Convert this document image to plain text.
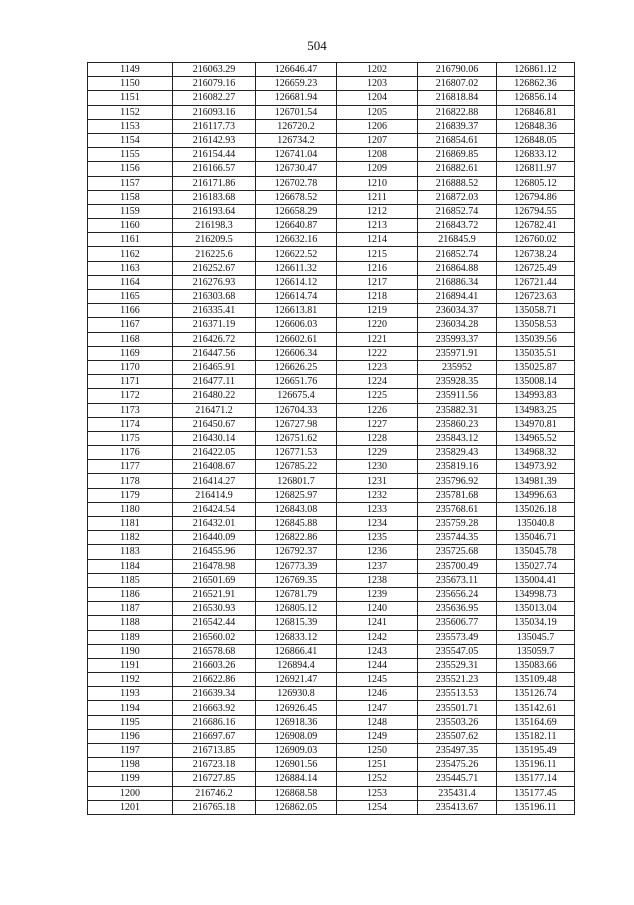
504
1149	216063.29	126646.47	1202	216790.06	126861.12
1150	216079.16	126659.23	1203	216807.02	126862.36
1151	216082.27	126681.94	1204	216818.84	126856.14
1152	216093.16	126701.54	1205	216822.88	126846.81
1153	216117.73	126720.2	1206	216839.37	126848.36
1154	216142.93	126734.2	1207	216854.61	126848.05
1155	216154.44	126741.04	1208	216869.85	126833.12
1156	216166.57	126730.47	1209	216882.61	126811.97
1157	216171.86	126702.78	1210	216888.52	126805.12
1158	216183.68	126678.52	1211	216872.03	126794.86
1159	216193.64	126658.29	1212	216852.74	126794.55
1160	216198.3	126640.87	1213	216843.72	126782.41
1161	216209.5	126632.16	1214	216845.9	126760.02
1162	216225.6	126622.52	1215	216852.74	126738.24
1163	216252.67	126611.32	1216	216864.88	126725.49
1164	216276.93	126614.12	1217	216886.34	126721.44
1165	216303.68	126614.74	1218	216894.41	126723.63
1166	216335.41	126613.81	1219	236034.37	135058.71
1167	216371.19	126606.03	1220	236034.28	135058.53
1168	216426.72	126602.61	1221	235993.37	135039.56
1169	216447.56	126606.34	1222	235971.91	135035.51
1170	216465.91	126626.25	1223	235952	135025.87
1171	216477.11	126651.76	1224	235928.35	135008.14
1172	216480.22	126675.4	1225	235911.56	134993.83
1173	216471.2	126704.33	1226	235882.31	134983.25
1174	216450.67	126727.98	1227	235860.23	134970.81
1175	216430.14	126751.62	1228	235843.12	134965.52
1176	216422.05	126771.53	1229	235829.43	134968.32
1177	216408.67	126785.22	1230	235819.16	134973.92
1178	216414.27	126801.7	1231	235796.92	134981.39
1179	216414.9	126825.97	1232	235781.68	134996.63
1180	216424.54	126843.08	1233	235768.61	135026.18
1181	216432.01	126845.88	1234	235759.28	135040.8
1182	216440.09	126822.86	1235	235744.35	135046.71
1183	216455.96	126792.37	1236	235725.68	135045.78
1184	216478.98	126773.39	1237	235700.49	135027.74
1185	216501.69	126769.35	1238	235673.11	135004.41
1186	216521.91	126781.79	1239	235656.24	134998.73
1187	216530.93	126805.12	1240	235636.95	135013.04
1188	216542.44	126815.39	1241	235606.77	135034.19
1189	216560.02	126833.12	1242	235573.49	135045.7
1190	216578.68	126866.41	1243	235547.05	135059.7
1191	216603.26	126894.4	1244	235529.31	135083.66
1192	216622.86	126921.47	1245	235521.23	135109.48
1193	216639.34	126930.8	1246	235513.53	135126.74
1194	216663.92	126926.45	1247	235501.71	135142.61
1195	216686.16	126918.36	1248	235503.26	135164.69
1196	216697.67	126908.09	1249	235507.62	135182.11
1197	216713.85	126909.03	1250	235497.35	135195.49
1198	216723.18	126901.56	1251	235475.26	135196.11
1199	216727.85	126884.14	1252	235445.71	135177.14
1200	216746.2	126868.58	1253	235431.4	135177.45
1201	216765.18	126862.05	1254	235413.67	135196.11
